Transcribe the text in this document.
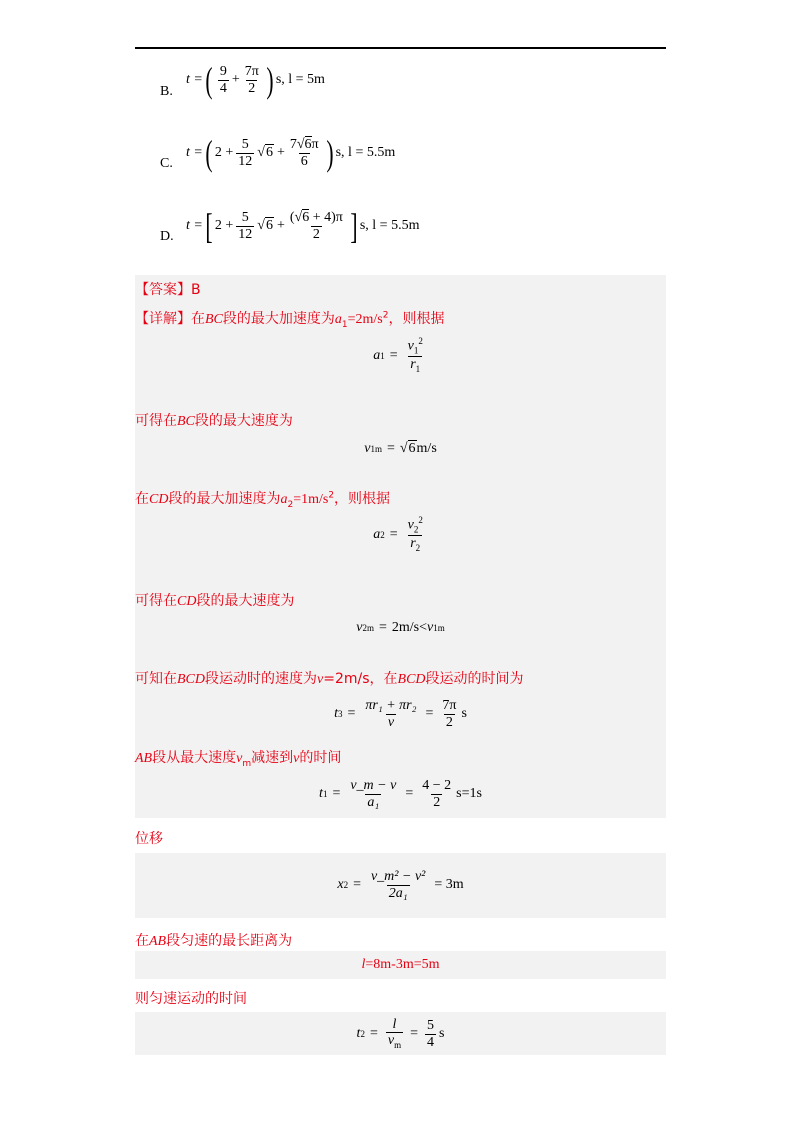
B.
t = ( $\frac{9}{4} + \frac{7\pi}{2}$ ) s, l = 5m
C.
t = ( $2 + \frac{5}{12}$ √ $6 + \frac{7√6\pi}{6}$ ) s, l = 5.5m
D.
t = [ $2 + \frac{5}{12}$ √ $6 + \frac{(√6 + 4)\pi}{2}$ ] s, l = 5.5m
【答案】B
【详解】在BC段的最大加速度为$a_1=2m/s^2$，则根据
a $1 = \frac{v_1^2}{r_1}$
可得在BC段的最大速度为
v 1m = √ 6 m/s
在CD段的最大加速度为$a_2=1m/s^2$，则根据
a $2 = \frac{v_2^2}{r_2}$
可得在CD段的最大速度为
v 2m = 2m/s< v 1m
可知在BCD段运动时的速度为v=2m/s，在BCD段运动的时间为
t $3 = \frac{\text{πr₁ + πr₂}}{v} = \frac{7\pi}{2}$ s
AB段从最大速度$v_m$减速到v的时间
t $1 = \frac{v\_m - v}{\text{a₁}} = \frac{4 - 2}{2} s=1s$
位移
x $2 = \frac{\text{v\_m² − v²}}{\text{2a₁}} = 3m$
在AB段匀速的最长距离为
l =8m-3m=5m
则匀速运动的时间
t $2 = \frac{l}{v_m} = \frac{5}{4}$ s
